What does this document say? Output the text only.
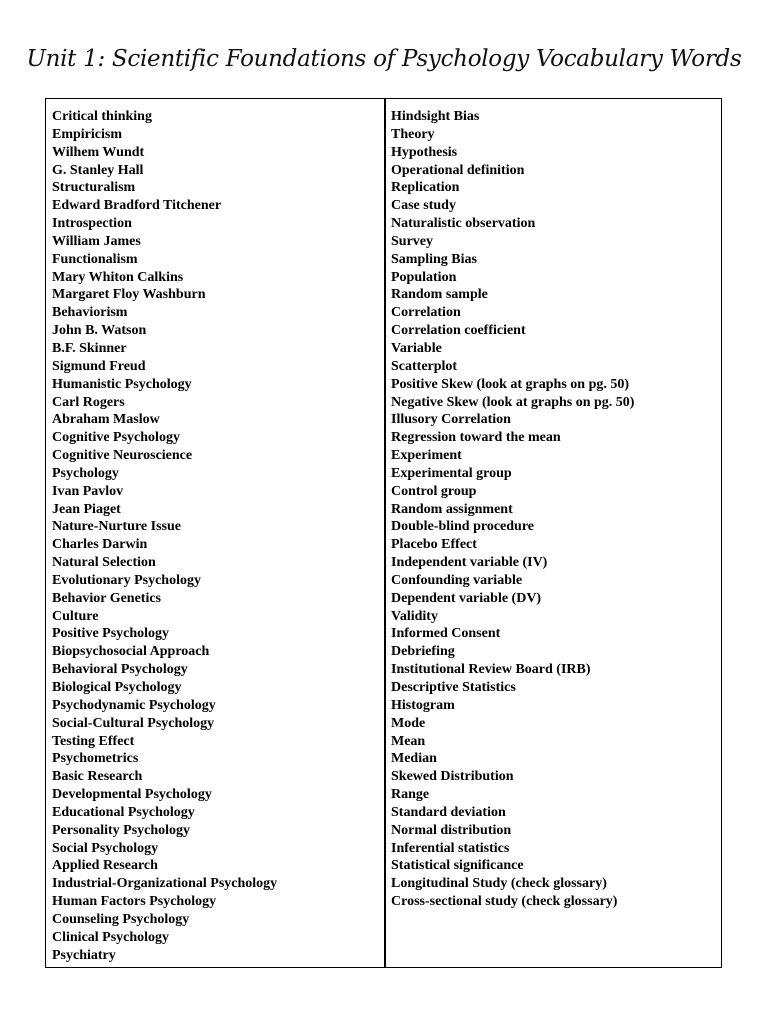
Unit 1: Scientific Foundations of Psychology Vocabulary Words
Critical thinking
Empiricism
Wilhem Wundt
G. Stanley Hall
Structuralism
Edward Bradford Titchener
Introspection
William James
Functionalism
Mary Whiton Calkins
Margaret Floy Washburn
Behaviorism
John B. Watson
B.F. Skinner
Sigmund Freud
Humanistic Psychology
Carl Rogers
Abraham Maslow
Cognitive Psychology
Cognitive Neuroscience
Psychology
Ivan Pavlov
Jean Piaget
Nature-Nurture Issue
Charles Darwin
Natural Selection
Evolutionary Psychology
Behavior Genetics
Culture
Positive Psychology
Biopsychosocial Approach
Behavioral Psychology
Biological Psychology
Psychodynamic Psychology
Social-Cultural Psychology
Testing Effect
Psychometrics
Basic Research
Developmental Psychology
Educational Psychology
Personality Psychology
Social Psychology
Applied Research
Industrial-Organizational Psychology
Human Factors Psychology
Counseling Psychology
Clinical Psychology
Psychiatry
Hindsight Bias
Theory
Hypothesis
Operational definition
Replication
Case study
Naturalistic observation
Survey
Sampling Bias
Population
Random sample
Correlation
Correlation coefficient
Variable
Scatterplot
Positive Skew (look at graphs on pg. 50)
Negative Skew (look at graphs on pg. 50)
Illusory Correlation
Regression toward the mean
Experiment
Experimental group
Control group
Random assignment
Double-blind procedure
Placebo Effect
Independent variable (IV)
Confounding variable
Dependent variable (DV)
Validity
Informed Consent
Debriefing
Institutional Review Board (IRB)
Descriptive Statistics
Histogram
Mode
Mean
Median
Skewed Distribution
Range
Standard deviation
Normal distribution
Inferential statistics
Statistical significance
Longitudinal Study (check glossary)
Cross-sectional study (check glossary)
